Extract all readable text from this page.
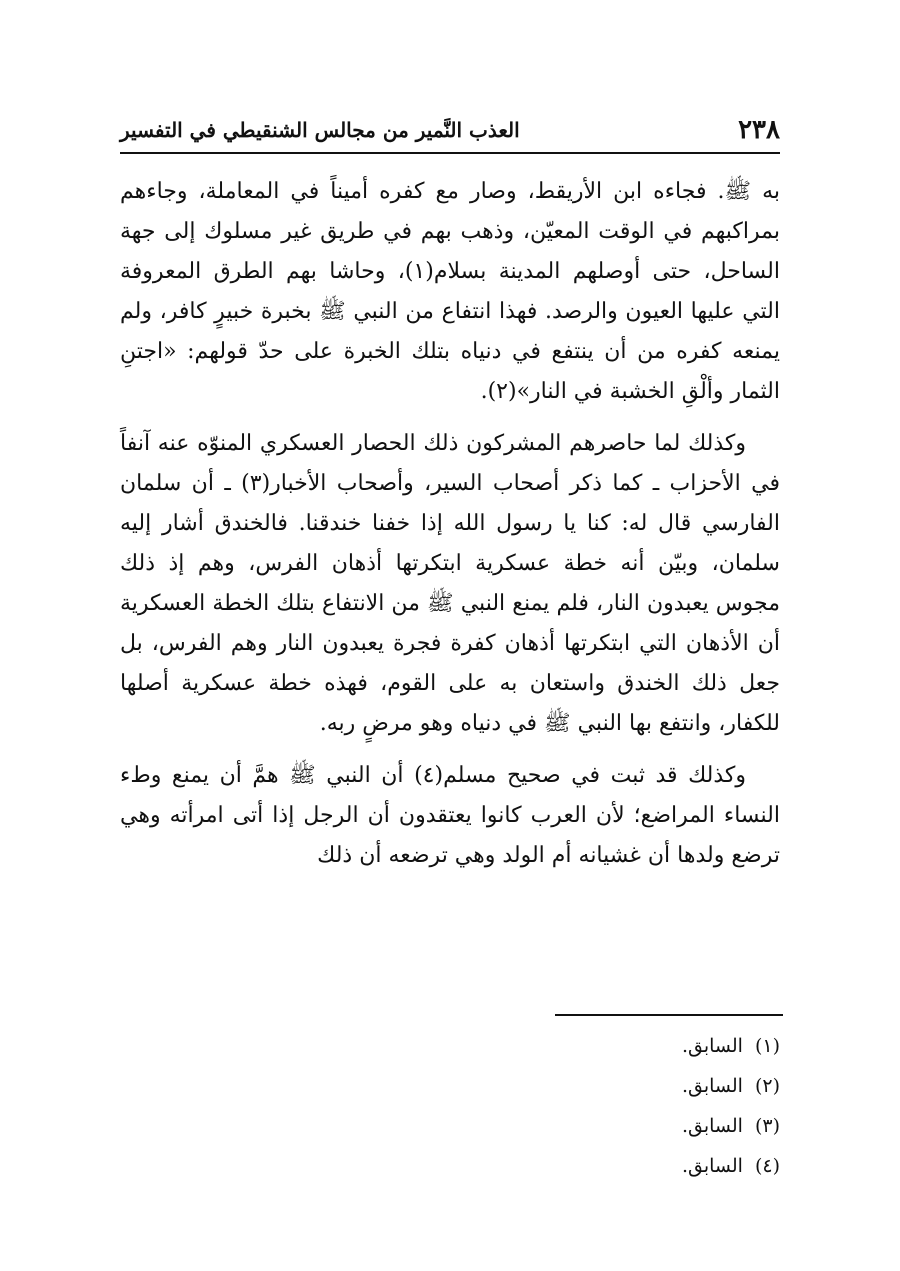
٢٣٨
العذب النَّمير من مجالس الشنقيطي في التفسير

به ﷺ. فجاءه ابن الأريقط، وصار مع كفره أميناً في المعاملة، وجاءهم بمراكبهم في الوقت المعيّن، وذهب بهم في طريق غير مسلوك إلى جهة الساحل، حتى أوصلهم المدينة بسلام(١)، وحاشا بهم الطرق المعروفة التي عليها العيون والرصد. فهذا انتفاع من النبي ﷺ بخبرة خبيرٍ كافر، ولم يمنعه كفره من أن ينتفع في دنياه بتلك الخبرة على حدّ قولهم: «اجتنِ الثمار وألْقِ الخشبة في النار»(٢).

وكذلك لما حاصرهم المشركون ذلك الحصار العسكري المنوّه عنه آنفاً في الأحزاب ـ كما ذكر أصحاب السير، وأصحاب الأخبار(٣) ـ أن سلمان الفارسي قال له: كنا يا رسول الله إذا خفنا خندقنا. فالخندق أشار إليه سلمان، وبيّن أنه خطة عسكرية ابتكرتها أذهان الفرس، وهم إذ ذلك مجوس يعبدون النار، فلم يمنع النبي ﷺ من الانتفاع بتلك الخطة العسكرية أن الأذهان التي ابتكرتها أذهان كفرة فجرة يعبدون النار وهم الفرس، بل جعل ذلك الخندق واستعان به على القوم، فهذه خطة عسكرية أصلها للكفار، وانتفع بها النبي ﷺ في دنياه وهو مرضٍ ربه.

وكذلك قد ثبت في صحيح مسلم(٤) أن النبي ﷺ همَّ أن يمنع وطء النساء المراضع؛ لأن العرب كانوا يعتقدون أن الرجل إذا أتى امرأته وهي ترضع ولدها أن غشيانه أم الولد وهي ترضعه أن ذلك

(١)
السابق.
(٢)
السابق.
(٣)
السابق.
(٤)
السابق.
